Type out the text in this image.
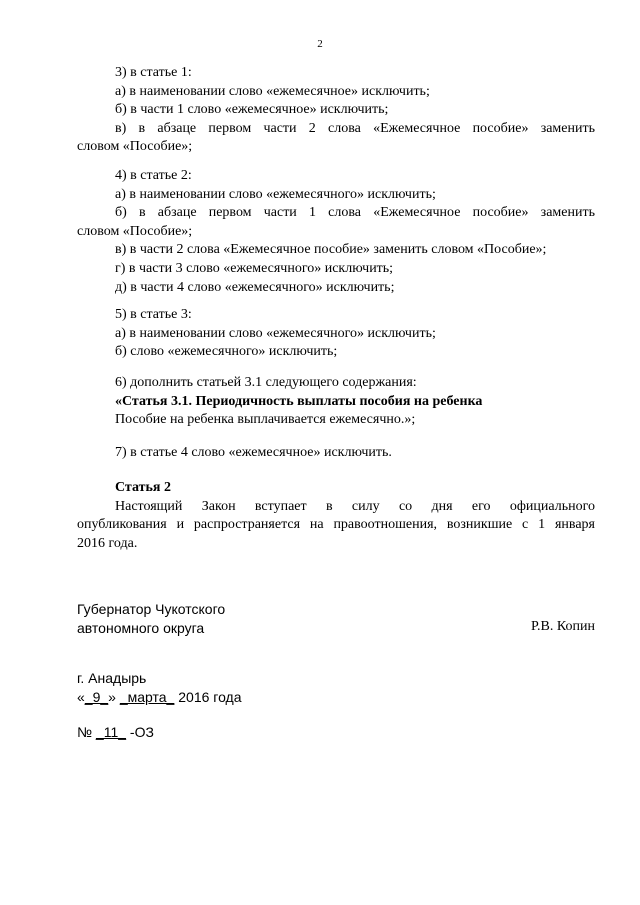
2

3) в статье 1:

а) в наименовании слово «ежемесячное» исключить;

б) в части 1 слово «ежемесячное» исключить;

в) в абзаце первом части 2 слова «Ежемесячное пособие» заменить

словом «Пособие»;

4) в статье 2:

а) в наименовании слово «ежемесячного» исключить;

б) в абзаце первом части 1 слова «Ежемесячное пособие» заменить

словом «Пособие»;

в) в части 2 слова «Ежемесячное пособие» заменить словом «Пособие»;

г) в части 3 слово «ежемесячного» исключить;

д) в части 4 слово «ежемесячного» исключить;

5) в статье 3:

а) в наименовании слово «ежемесячного» исключить;

б) слово «ежемесячного» исключить;

6) дополнить статьей 3.1 следующего содержания:

«Статья 3.1. Периодичность выплаты пособия на ребенка

Пособие на ребенка выплачивается ежемесячно.»;

7) в статье 4 слово «ежемесячное» исключить.

Статья 2

Настоящий Закон вступает в силу со дня его официального

опубликования и распространяется на правоотношения, возникшие с 1 января

2016 года.

Губернатор Чукотского
автономного округа	Р.В. Копин
г. Анадырь
«_9_» _марта_ 2016 года
№ _11_ -ОЗ
